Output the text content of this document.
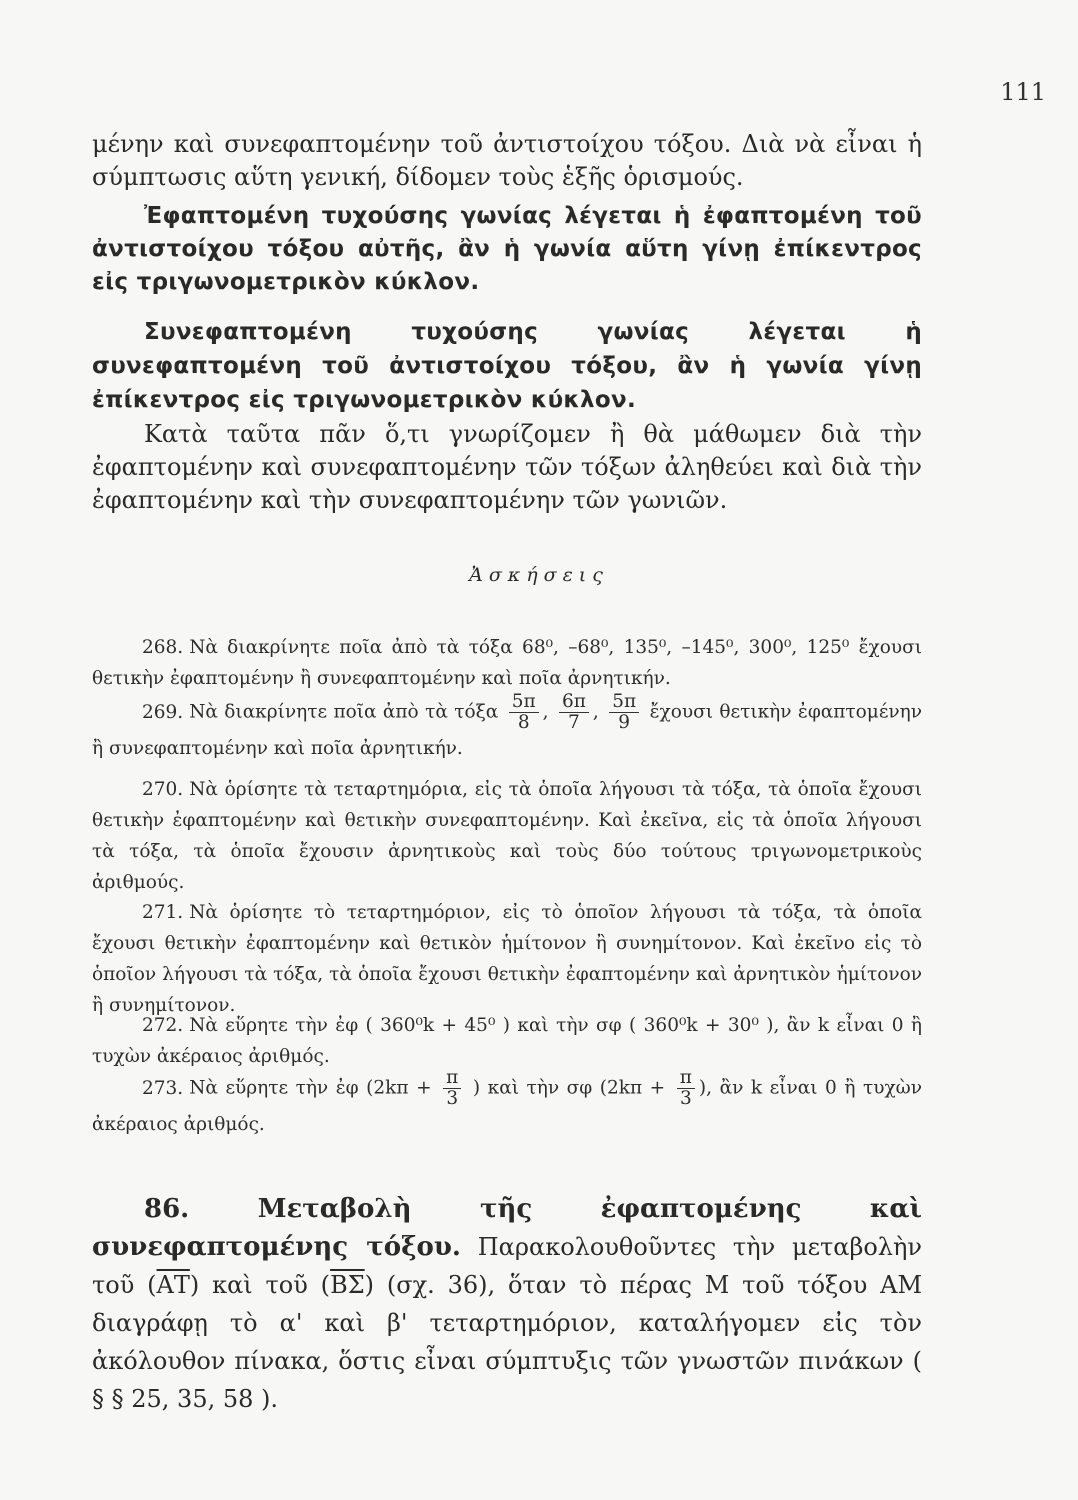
111

μένην καὶ συνεφαπτομένην τοῦ ἀντιστοίχου τόξου. Διὰ νὰ εἶναι ἡ σύμπτωσις αὕτη γενική, δίδομεν τοὺς ἑξῆς ὁρισμούς.

Ἐφαπτομένη τυχούσης γωνίας λέγεται ἡ ἐφαπτομένη τοῦ ἀντιστοίχου τόξου αὐτῆς, ἂν ἡ γωνία αὕτη γίνῃ ἐπίκεντρος εἰς τριγωνομετρικὸν κύκλον.

Συνεφαπτομένη τυχούσης γωνίας λέγεται ἡ συνεφαπτομένη τοῦ ἀντιστοίχου τόξου, ἂν ἡ γωνία γίνῃ ἐπίκεντρος εἰς τριγωνομετρικὸν κύκλον.

Κατὰ ταῦτα πᾶν ὅ,τι γνωρίζομεν ἢ θὰ μάθωμεν διὰ τὴν ἐφαπτομένην καὶ συνεφαπτομένην τῶν τόξων ἀληθεύει καὶ διὰ τὴν ἐφαπτομένην καὶ τὴν συνεφαπτομένην τῶν γωνιῶν.

Ἀσκήσεις

268. Νὰ διακρίνητε ποῖα ἀπὸ τὰ τόξα 68⁰, –68⁰, 135⁰, –145⁰, 300⁰, 125⁰ ἔχουσι θετικὴν ἐφαπτομένην ἢ συνεφαπτομένην καὶ ποῖα ἀρνητικήν.

269. Νὰ διακρίνητε ποῖα ἀπὸ τὰ τόξα $\frac{5\pi}{8}$ , $\frac{6\pi}{7}$ , $\frac{5\pi}{9}$ ἔχουσι θετικὴν ἐφαπτομένην ἢ συνεφαπτομένην καὶ ποῖα ἀρνητικήν.

270. Νὰ ὁρίσητε τὰ τεταρτημόρια, εἰς τὰ ὁποῖα λήγουσι τὰ τόξα, τὰ ὁποῖα ἔχουσι θετικὴν ἐφαπτομένην καὶ θετικὴν συνεφαπτομένην. Καὶ ἐκεῖνα, εἰς τὰ ὁποῖα λήγουσι τὰ τόξα, τὰ ὁποῖα ἔχουσιν ἀρνητικοὺς καὶ τοὺς δύο τούτους τριγωνομετρικοὺς ἀριθμούς.

271. Νὰ ὁρίσητε τὸ τεταρτημόριον, εἰς τὸ ὁποῖον λήγουσι τὰ τόξα, τὰ ὁποῖα ἔχουσι θετικὴν ἐφαπτομένην καὶ θετικὸν ἡμίτονον ἢ συνημίτονον. Καὶ ἐκεῖνο εἰς τὸ ὁποῖον λήγουσι τὰ τόξα, τὰ ὁποῖα ἔχουσι θετικὴν ἐφαπτομένην καὶ ἀρνητικὸν ἡμίτονον ἢ συνημίτονον.

272. Νὰ εὕρητε τὴν ἐφ ( 360⁰k + 45⁰ ) καὶ τὴν σφ ( 360⁰k + 30⁰ ), ἂν k εἶναι 0 ἢ τυχὼν ἀκέραιος ἀριθμός.

273. Νὰ εὕρητε τὴν ἐφ ($2k\pi + \frac{\pi}{3}$ ) καὶ τὴν σφ ($2k\pi + \frac{\pi}{3}$ ), ἂν k εἶναι 0 ἢ τυχὼν ἀκέραιος ἀριθμός.

86. Μεταβολὴ τῆς ἐφαπτομένης καὶ συνεφαπτομένης τόξου. Παρακολουθοῦντες τὴν μεταβολὴν τοῦ $(\overline{AT})$ καὶ τοῦ $(\overline{B\Sigma})$ (σχ. 36), ὅταν τὸ πέρας Μ τοῦ τόξου ΑΜ διαγράφῃ τὸ α' καὶ β' τεταρτημόριον, καταλήγομεν εἰς τὸν ἀκόλουθον πίνακα, ὅστις εἶναι σύμπτυξις τῶν γνωστῶν πινάκων ( § § 25, 35, 58 ).
